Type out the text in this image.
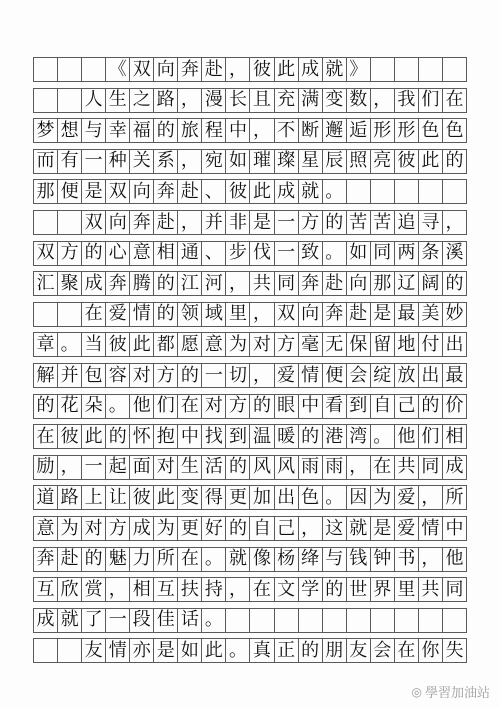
《 双 向 奔 赴 ， 彼 此 成 就 》
人 生 之 路 ， 漫 长 且 充 满 变 数 ， 我 们 在
梦 想 与 幸 福 的 旅 程 中 ， 不 断 邂 逅 形 形 色 色
而 有 一 种 关 系 ， 宛 如 璀 璨 星 辰 照 亮 彼 此 的
那 便 是 双 向 奔 赴 、 彼 此 成 就 。
双 向 奔 赴 ， 并 非 是 一 方 的 苦 苦 追 寻 ，
双 方 的 心 意 相 通 、 步 伐 一 致 。 如 同 两 条 溪
汇 聚 成 奔 腾 的 江 河 ， 共 同 奔 赴 向 那 辽 阔 的
在 爱 情 的 领 域 里 ， 双 向 奔 赴 是 最 美 妙
章 。 当 彼 此 都 愿 意 为 对 方 毫 无 保 留 地 付 出
解 并 包 容 对 方 的 一 切 ， 爱 情 便 会 绽 放 出 最
的 花 朵 。 他 们 在 对 方 的 眼 中 看 到 自 己 的 价
在 彼 此 的 怀 抱 中 找 到 温 暖 的 港 湾 。 他 们 相
励 ， 一 起 面 对 生 活 的 风 风 雨 雨 ， 在 共 同 成
道 路 上 让 彼 此 变 得 更 加 出 色 。 因 为 爱 ， 所
意 为 对 方 成 为 更 好 的 自 己 ， 这 就 是 爱 情 中
奔 赴 的 魅 力 所 在 。 就 像 杨 绛 与 钱 钟 书 ， 他
互 欣 赏 ， 相 互 扶 持 ， 在 文 学 的 世 界 里 共 同
成 就 了 一 段 佳 话 。
友 情 亦 是 如 此 。 真 正 的 朋 友 会 在 你 失
◎ 學習加油站
